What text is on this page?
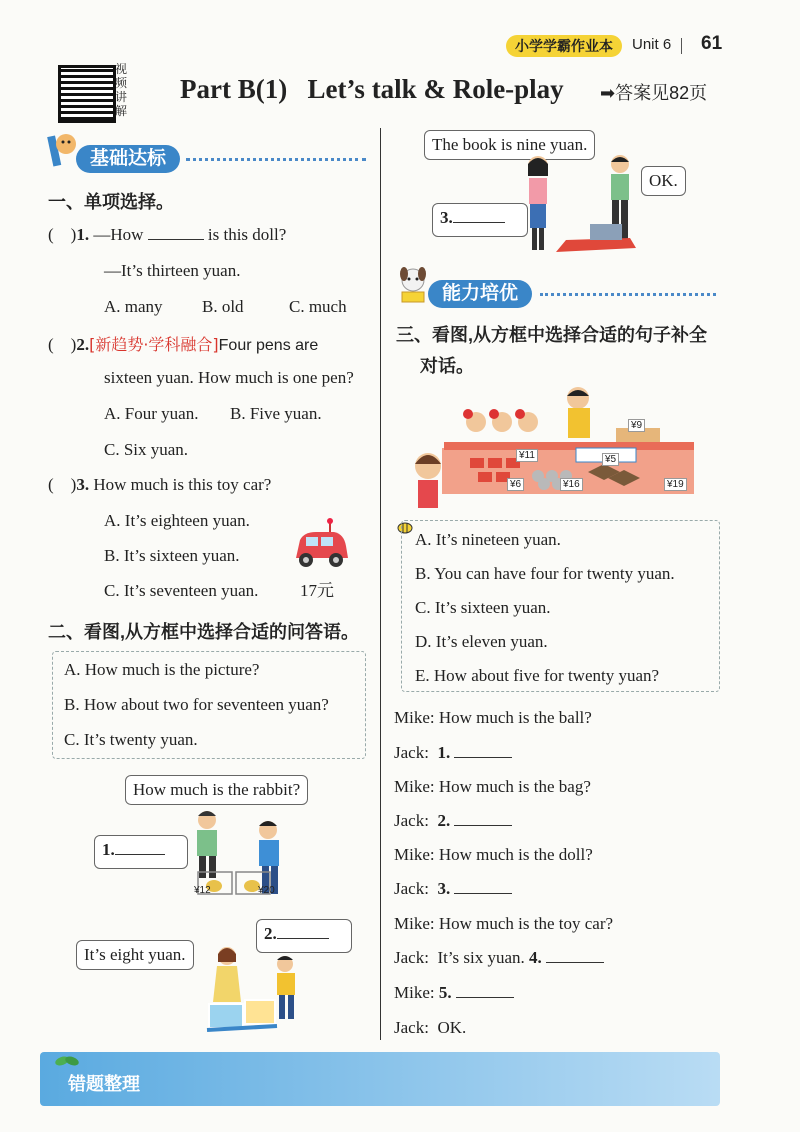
小学学霸作业本	Unit 6 61
视频讲解
Part B(1)   Let’s talk & Role-play ➡答案见82页
基础达标
一、单项选择。
(    )1. —How	is this doll?
—It’s thirteen yuan.
A. many B. old	C. much
(    )2.[新趋势·学科融合]Four pens are
sixteen yuan. How much is one pen?
A. Four yuan. B. Five yuan.
C. Six yuan.
(    )3. How much is this toy car?
A. It’s eighteen yuan.
B. It’s sixteen yuan.
C. It’s seventeen yuan. 17元
二、看图,从方框中选择合适的问答语。
A. How much is the picture?
B. How about two for seventeen yuan?
C. It’s twenty yuan.
How much is the rabbit?
1.
¥12	¥20
2.
It’s eight yuan.
The book is nine yuan.
OK.
3.
能力培优
三、看图,从方框中选择合适的句子补全
对话。
¥9
¥11	¥5
¥6	¥16	¥19
A. It’s nineteen yuan.
B. You can have four for twenty yuan.
C. It’s sixteen yuan.
D. It’s eleven yuan.
E. How about five for twenty yuan?
Mike: How much is the ball?
Jack: 1.
Mike: How much is the bag?
Jack: 2.
Mike: How much is the doll?
Jack: 3.
Mike: How much is the toy car?
Jack: It’s six yuan. 4.
Mike: 5.
Jack: OK.
错题整理
